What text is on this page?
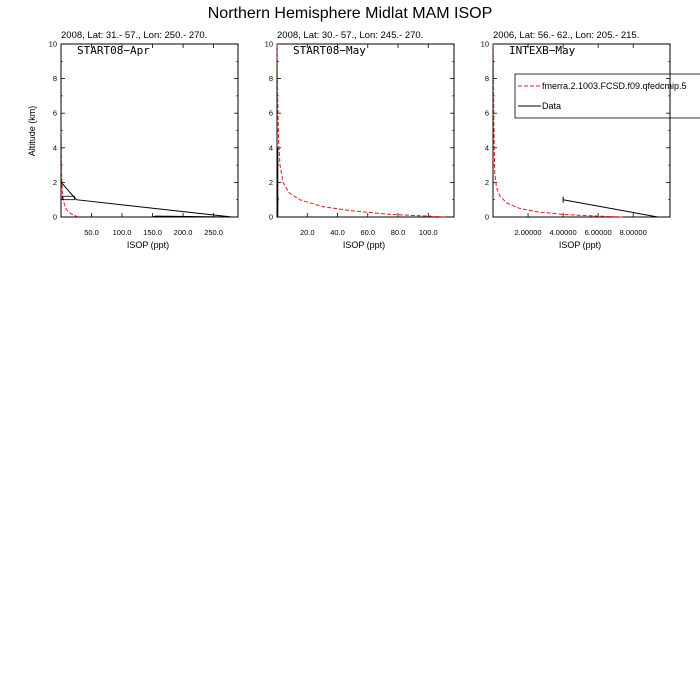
Northern Hemisphere Midlat MAM ISOP
2008, Lat: 31.- 57., Lon: 250.- 270.
START08−Apr
ISOP (ppt)
Altitude (km)
2008, Lat: 30.- 57., Lon: 245.- 270.
START08−May
ISOP (ppt)
2006, Lat: 56.- 62., Lon: 205.- 215.
INTEXB−May
ISOP (ppt)
fmerra.2.1003.FCSD.f09.qfedcmip.5
Data
0
2
4
6
8
10
50.0 100.0 150.0 200.0 250.0
0
2
4
6
8
10
20.0 40.0 60.0 80.0 100.0
0
2
4
6
8
10
2.00000 4.00000 6.00000 8.00000
